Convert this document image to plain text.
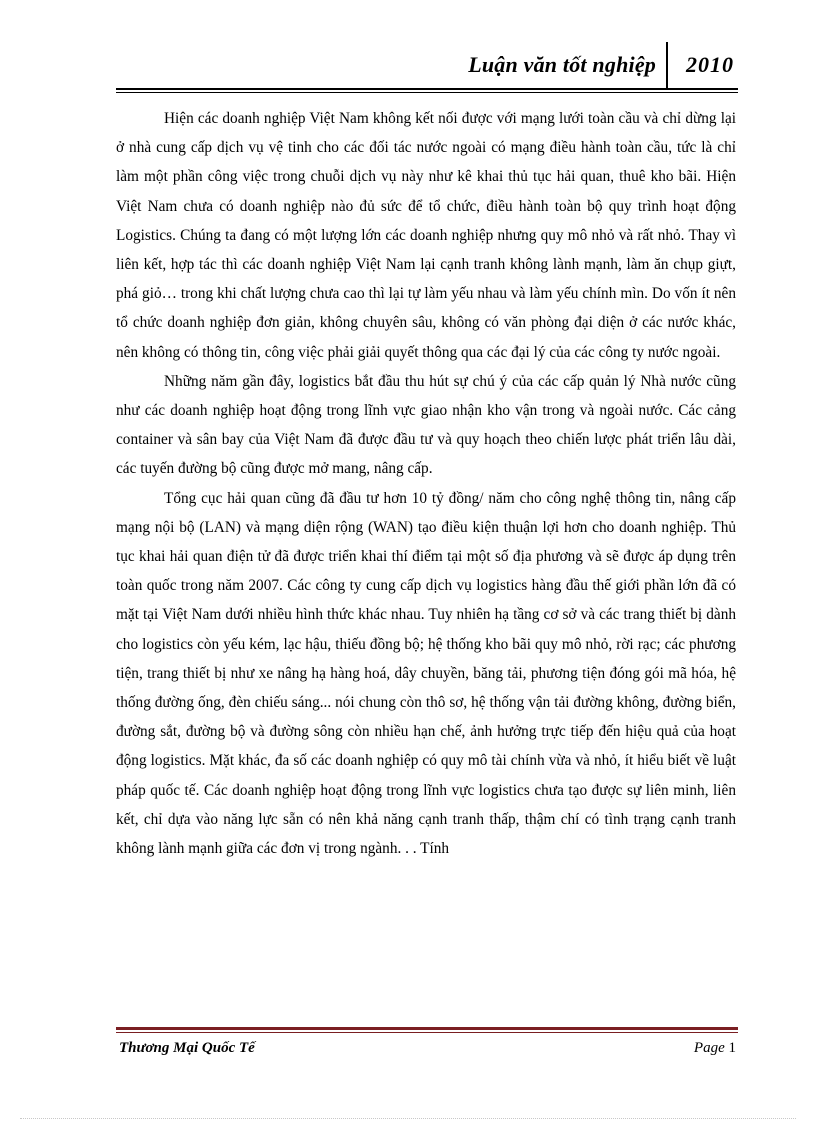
Luận văn tốt nghiệp 2010

Hiện các doanh nghiệp Việt Nam không kết nối được với mạng lưới toàn cầu và chỉ dừng lại ở nhà cung cấp dịch vụ vệ tinh cho các đối tác nước ngoài có mạng điều hành toàn cầu, tức là chỉ làm một phần công việc trong chuỗi dịch vụ này như kê khai thủ tục hải quan, thuê kho bãi. Hiện Việt Nam chưa có doanh nghiệp nào đủ sức để tổ chức, điều hành toàn bộ quy trình hoạt động Logistics. Chúng ta đang có một lượng lớn các doanh nghiệp nhưng quy mô nhỏ và rất nhỏ. Thay vì liên kết, hợp tác thì các doanh nghiệp Việt Nam lại cạnh tranh không lành mạnh, làm ăn chụp giựt, phá giỏ… trong khi chất lượng chưa cao thì lại tự làm yếu nhau và làm yếu chính mìn. Do vốn ít nên tổ chức doanh nghiệp đơn giản, không chuyên sâu, không có văn phòng đại diện ở các nước khác, nên không có thông tin, công việc phải giải quyết thông qua các đại lý của các công ty nước ngoài.

Những năm gần đây, logistics bắt đầu thu hút sự chú ý của các cấp quản lý Nhà nước cũng như các doanh nghiệp hoạt động trong lĩnh vực giao nhận kho vận trong và ngoài nước. Các cảng container và sân bay của Việt Nam đã được đầu tư và quy hoạch theo chiến lược phát triển lâu dài, các tuyến đường bộ cũng được mở mang, nâng cấp.

Tổng cục hải quan cũng đã đầu tư hơn 10 tỷ đồng/ năm cho công nghệ thông tin, nâng cấp mạng nội bộ (LAN) và mạng diện rộng (WAN) tạo điều kiện thuận lợi hơn cho doanh nghiệp. Thủ tục khai hải quan điện tử đã được triển khai thí điểm tại một số địa phương và sẽ được áp dụng trên toàn quốc trong năm 2007. Các công ty cung cấp dịch vụ logistics hàng đầu thế giới phần lớn đã có mặt tại Việt Nam dưới nhiều hình thức khác nhau. Tuy nhiên hạ tầng cơ sở và các trang thiết bị dành cho logistics còn yếu kém, lạc hậu, thiếu đồng bộ; hệ thống kho bãi quy mô nhỏ, rời rạc; các phương tiện, trang thiết bị như xe nâng hạ hàng hoá, dây chuyền, băng tải, phương tiện đóng gói mã hóa, hệ thống đường ống, đèn chiếu sáng... nói chung còn thô sơ, hệ thống vận tải đường không, đường biển, đường sắt, đường bộ và đường sông còn nhiều hạn chế, ảnh hưởng trực tiếp đến hiệu quả của hoạt động logistics. Mặt khác, đa số các doanh nghiệp có quy mô tài chính vừa và nhỏ, ít hiểu biết về luật pháp quốc tế. Các doanh nghiệp hoạt động trong lĩnh vực logistics chưa tạo được sự liên minh, liên kết, chỉ dựa vào năng lực sẵn có nên khả năng cạnh tranh thấp, thậm chí có tình trạng cạnh tranh không lành mạnh giữa các đơn vị trong ngành. . . Tính

Thương Mại Quốc Tế	Page 1
